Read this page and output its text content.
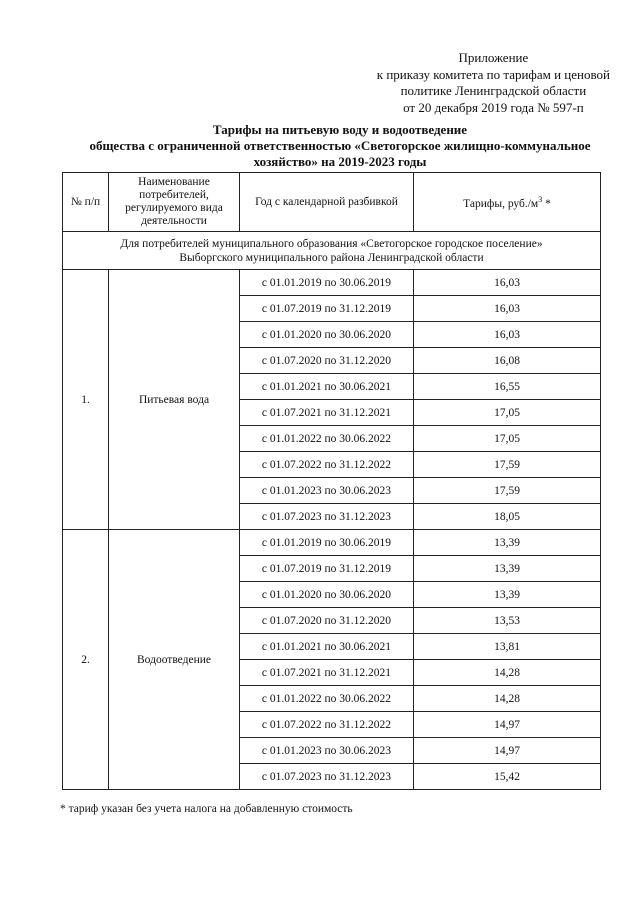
Приложение
к приказу комитета по тарифам и ценовой
политике Ленинградской области
от 20 декабря 2019 года № 597-п
Тарифы на питьевую воду и водоотведение
общества с ограниченной ответственностью «Светогорское жилищно-коммунальное
хозяйство» на 2019-2023 годы
№ п/п	Наименование потребителей, регулируемого вида деятельности	Год с календарной разбивкой	Тарифы, $руб./м^3$ *

Для потребителей муниципального образования «Светогорское городское поселение»
Выборгского муниципального района Ленинградской области			

1.	Питьевая вода	с 01.01.2019 по 30.06.2019	16,03
		с 01.07.2019 по 31.12.2019	16,03
		с 01.01.2020 по 30.06.2020	16,03
		с 01.07.2020 по 31.12.2020	16,08
		с 01.01.2021 по 30.06.2021	16,55
		с 01.07.2021 по 31.12.2021	17,05
		с 01.01.2022 по 30.06.2022	17,05
		с 01.07.2022 по 31.12.2022	17,59
		с 01.01.2023 по 30.06.2023	17,59
		с 01.07.2023 по 31.12.2023	18,05
2.	Водоотведение	с 01.01.2019 по 30.06.2019	13,39
		с 01.07.2019 по 31.12.2019	13,39
		с 01.01.2020 по 30.06.2020	13,39
		с 01.07.2020 по 31.12.2020	13,53
		с 01.01.2021 по 30.06.2021	13,81
		с 01.07.2021 по 31.12.2021	14,28
		с 01.01.2022 по 30.06.2022	14,28
		с 01.07.2022 по 31.12.2022	14,97
		с 01.01.2023 по 30.06.2023	14,97
		с 01.07.2023 по 31.12.2023	15,42
* тариф указан без учета налога на добавленную стоимость
